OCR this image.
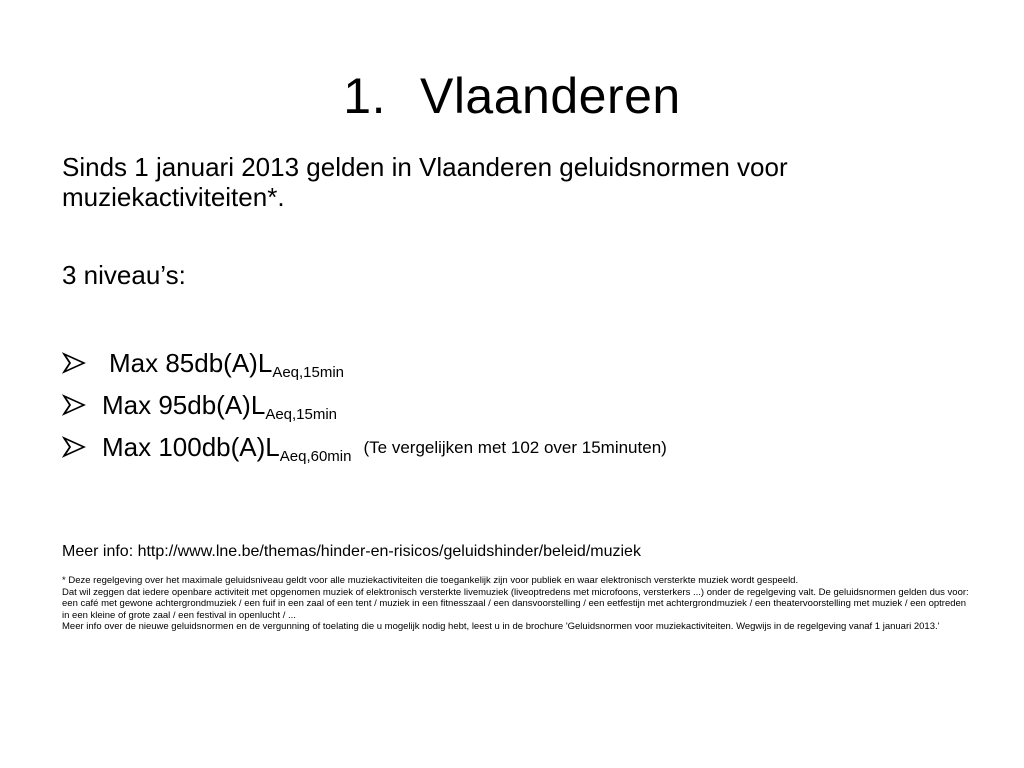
1. Vlaanderen

Sinds 1 januari 2013 gelden in Vlaanderen geluidsnormen voor muziekactiviteiten*.

3 niveau’s:

Max $85db(A)L_{Aeq,15min}$
Max $95db(A)L_{Aeq,15min}$
Max $100db(A)L_{Aeq,60min}$ (Te vergelijken met 102 over 15minuten)

Meer info: http://www.lne.be/themas/hinder-en-risicos/geluidshinder/beleid/muziek

* Deze regelgeving over het maximale geluidsniveau geldt voor alle muziekactiviteiten die toegankelijk zijn voor publiek en waar elektronisch versterkte muziek wordt gespeeld.

Dat wil zeggen dat iedere openbare activiteit met opgenomen muziek of elektronisch versterkte livemuziek (liveoptredens met microfoons, versterkers ...) onder de regelgeving valt. De geluidsnormen gelden dus voor:

een café met gewone achtergrondmuziek / een fuif in een zaal of een tent / muziek in een fitnesszaal / een dansvoorstelling / een eetfestijn met achtergrondmuziek / een theatervoorstelling met muziek / een optreden in een kleine of grote zaal / een festival in openlucht / ...

Meer info over de nieuwe geluidsnormen en de vergunning of toelating die u mogelijk nodig hebt, leest u in de brochure 'Geluidsnormen voor muziekactiviteiten. Wegwijs in de regelgeving vanaf 1 januari 2013.'
